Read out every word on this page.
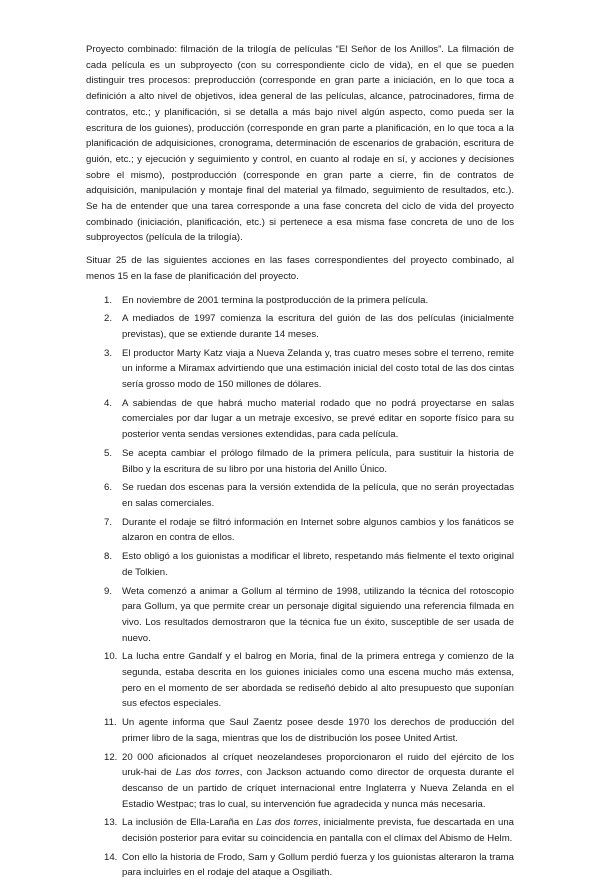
Proyecto combinado: filmación de la trilogía de películas “El Señor de los Anillos”. La filmación de cada película es un subproyecto (con su correspondiente ciclo de vida), en el que se pueden distinguir tres procesos: preproducción (corresponde en gran parte a iniciación, en lo que toca a definición a alto nivel de objetivos, idea general de las películas, alcance, patrocinadores, firma de contratos, etc.; y planificación, si se detalla a más bajo nivel algún aspecto, como pueda ser la escritura de los guiones), producción (corresponde en gran parte a planificación, en lo que toca a la planificación de adquisiciones, cronograma, determinación de escenarios de grabación, escritura de guión, etc.; y ejecución y seguimiento y control, en cuanto al rodaje en sí, y acciones y decisiones sobre el mismo), postproducción (corresponde en gran parte a cierre, fin de contratos de adquisición, manipulación y montaje final del material ya filmado, seguimiento de resultados, etc.). Se ha de entender que una tarea corresponde a una fase concreta del ciclo de vida del proyecto combinado (iniciación, planificación, etc.) si pertenece a esa misma fase concreta de uno de los subproyectos (película de la trilogía).

Situar 25 de las siguientes acciones en las fases correspondientes del proyecto combinado, al menos 15 en la fase de planificación del proyecto.

1. En noviembre de 2001 termina la postproducción de la primera película.
2. A mediados de 1997 comienza la escritura del guión de las dos películas (inicialmente previstas), que se extiende durante 14 meses.
3. El productor Marty Katz viaja a Nueva Zelanda y, tras cuatro meses sobre el terreno, remite un informe a Miramax advirtiendo que una estimación inicial del costo total de las dos cintas sería grosso modo de 150 millones de dólares.
4. A sabiendas de que habrá mucho material rodado que no podrá proyectarse en salas comerciales por dar lugar a un metraje excesivo, se prevé editar en soporte físico para su posterior venta sendas versiones extendidas, para cada película.
5. Se acepta cambiar el prólogo filmado de la primera película, para sustituir la historia de Bilbo y la escritura de su libro por una historia del Anillo Único.
6. Se ruedan dos escenas para la versión extendida de la película, que no serán proyectadas en salas comerciales.
7. Durante el rodaje se filtró información en Internet sobre algunos cambios y los fanáticos se alzaron en contra de ellos.
8. Esto obligó a los guionistas a modificar el libreto, respetando más fielmente el texto original de Tolkien.
9. Weta comenzó a animar a Gollum al término de 1998, utilizando la técnica del rotoscopio para Gollum, ya que permite crear un personaje digital siguiendo una referencia filmada en vivo. Los resultados demostraron que la técnica fue un éxito, susceptible de ser usada de nuevo.
10. La lucha entre Gandalf y el balrog en Moria, final de la primera entrega y comienzo de la segunda, estaba descrita en los guiones iniciales como una escena mucho más extensa, pero en el momento de ser abordada se rediseñó debido al alto presupuesto que suponían sus efectos especiales.
11. Un agente informa que Saul Zaentz posee desde 1970 los derechos de producción del primer libro de la saga, mientras que los de distribución los posee United Artist.
12. 20 000 aficionados al críquet neozelandeses proporcionaron el ruido del ejército de los uruk-hai de Las dos torres, con Jackson actuando como director de orquesta durante el descanso de un partido de críquet internacional entre Inglaterra y Nueva Zelanda en el Estadio Westpac; tras lo cual, su intervención fue agradecida y nunca más necesaria.
13. La inclusión de Ella-Laraña en Las dos torres, inicialmente prevista, fue descartada en una decisión posterior para evitar su coincidencia en pantalla con el clímax del Abismo de Helm.
14. Con ello la historia de Frodo, Sam y Gollum perdió fuerza y los guionistas alteraron la trama para incluirles en el rodaje del ataque a Osgiliath.
